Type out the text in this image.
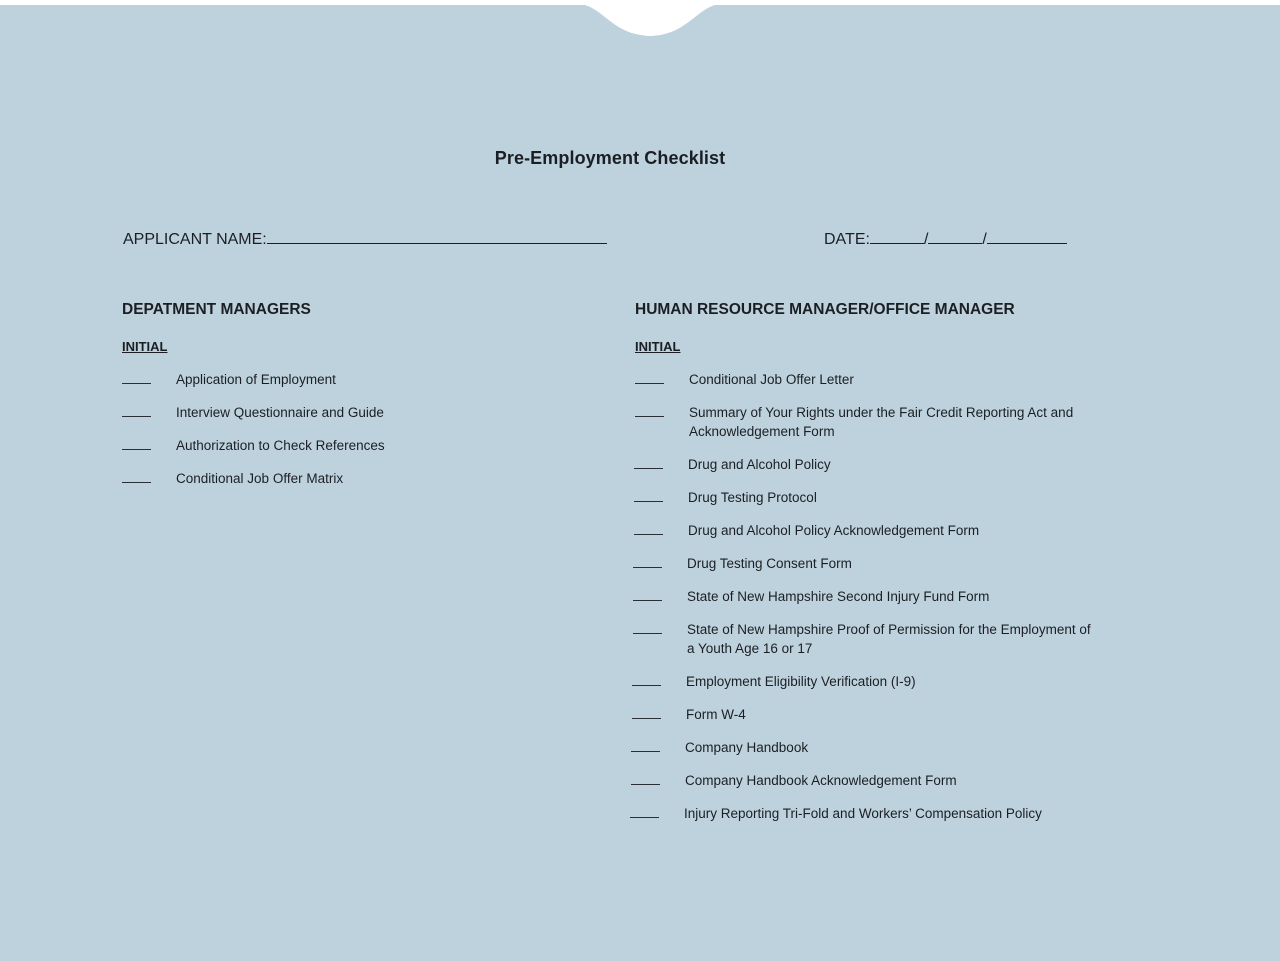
Pre-Employment Checklist
APPLICANT NAME:	DATE:	/	/
DEPATMENT MANAGERS
INITIAL
Application of Employment
Interview Questionnaire and Guide
Authorization to Check References
Conditional Job Offer Matrix
HUMAN RESOURCE MANAGER/OFFICE MANAGER
INITIAL
Conditional Job Offer Letter
Summary of Your Rights under the Fair Credit Reporting Act and Acknowledgement Form
Drug and Alcohol Policy
Drug Testing Protocol
Drug and Alcohol Policy Acknowledgement Form
Drug Testing Consent Form
State of New Hampshire Second Injury Fund Form
State of New Hampshire Proof of Permission for the Employment of a Youth Age 16 or 17
Employment Eligibility Verification (I-9)
Form W-4
Company Handbook
Company Handbook Acknowledgement Form
Injury Reporting Tri-Fold and Workers’ Compensation Policy
